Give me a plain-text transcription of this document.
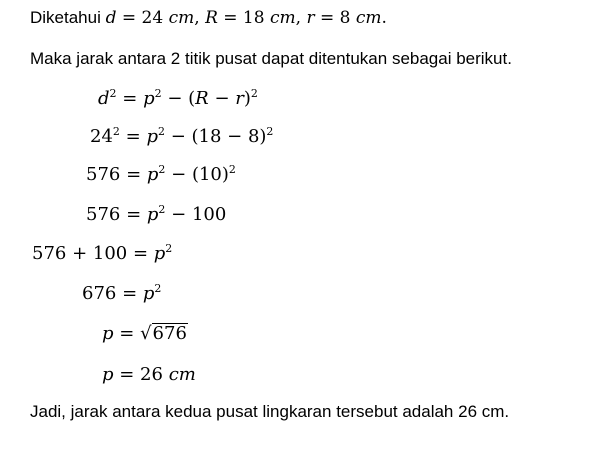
Diketahui d = 24 cm, R = 18 cm, r = 8 cm.
Maka jarak antara 2 titik pusat dapat ditentukan sebagai berikut.
$d^2 = p^2 - (R - r)^2$
$24^2 = p^2 - (18 - 8)^2$
$576 = p^2 - (10)^2$
$576 = p^2 - 100$
$576 + 100 = p^2$
$676 = p^2$
p = √676
p = 26 cm
Jadi, jarak antara kedua pusat lingkaran tersebut adalah 26 cm.
